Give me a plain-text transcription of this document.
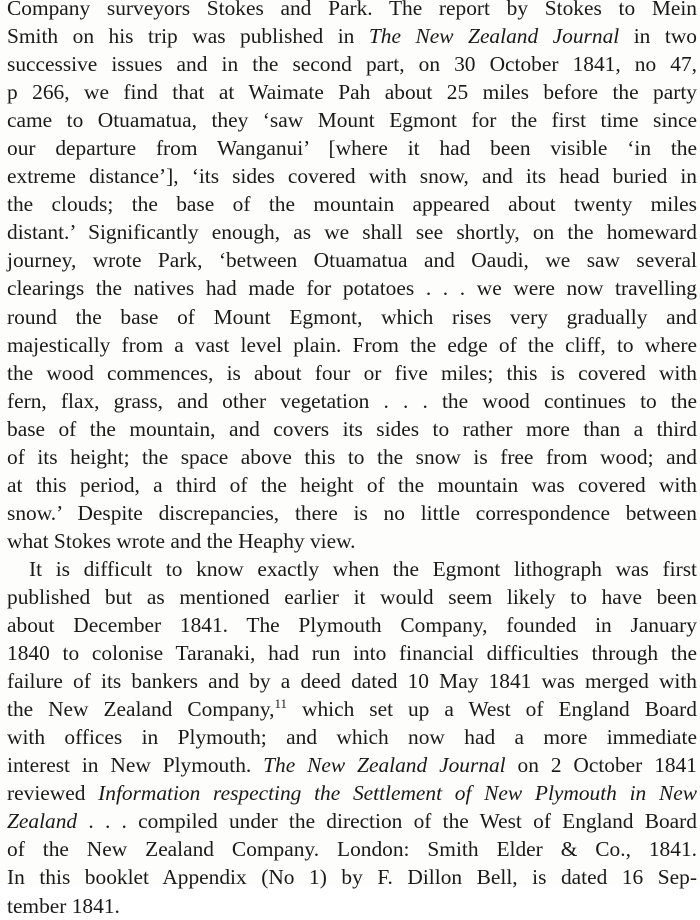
Company surveyors Stokes and Park. The report by Stokes to Mein
Smith on his trip was published in The New Zealand Journal in two
successive issues and in the second part, on 30 October 1841, no 47,
p 266, we find that at Waimate Pah about 25 miles before the party
came to Otuamatua, they ‘saw Mount Egmont for the first time since
our departure from Wanganui’ [where it had been visible ‘in the
extreme distance’], ‘its sides covered with snow, and its head buried in
the clouds; the base of the mountain appeared about twenty miles
distant.’ Significantly enough, as we shall see shortly, on the homeward
journey, wrote Park, ‘between Otuamatua and Oaudi, we saw several
clearings the natives had made for potatoes . . . we were now travelling
round the base of Mount Egmont, which rises very gradually and
majestically from a vast level plain. From the edge of the cliff, to where
the wood commences, is about four or five miles; this is covered with
fern, flax, grass, and other vegetation . . . the wood continues to the
base of the mountain, and covers its sides to rather more than a third
of its height; the space above this to the snow is free from wood; and
at this period, a third of the height of the mountain was covered with
snow.’ Despite discrepancies, there is no little correspondence between
what Stokes wrote and the Heaphy view.
It is difficult to know exactly when the Egmont lithograph was first
published but as mentioned earlier it would seem likely to have been
about December 1841. The Plymouth Company, founded in January
1840 to colonise Taranaki, had run into financial difficulties through the
failure of its bankers and by a deed dated 10 May 1841 was merged with
the New Zealand Company,$^{11}$ which set up a West of England Board
with offices in Plymouth; and which now had a more immediate
interest in New Plymouth. The New Zealand Journal on 2 October 1841
reviewed Information respecting the Settlement of New Plymouth in New
Zealand . . . compiled under the direction of the West of England Board
of the New Zealand Company. London: Smith Elder & Co., 1841.
In this booklet Appendix (No 1) by F. Dillon Bell, is dated 16 Sep-
tember 1841.
